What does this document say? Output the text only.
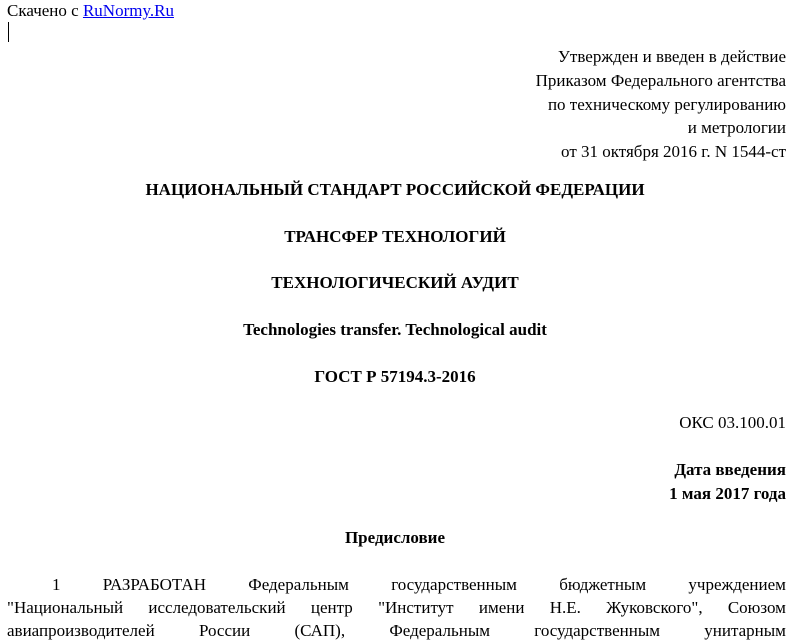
Скачено с RuNormy.Ru
Утвержден и введен в действие
Приказом Федерального агентства
по техническому регулированию
и метрологии
от 31 октября 2016 г. N 1544-ст
НАЦИОНАЛЬНЫЙ СТАНДАРТ РОССИЙСКОЙ ФЕДЕРАЦИИ
ТРАНСФЕР ТЕХНОЛОГИЙ
ТЕХНОЛОГИЧЕСКИЙ АУДИТ
Technologies transfer. Technological audit
ГОСТ Р 57194.3-2016
ОКС 03.100.01
Дата введения
1 мая 2017 года
Предисловие
1 РАЗРАБОТАН Федеральным государственным бюджетным учреждением
"Национальный исследовательский центр "Институт имени Н.Е. Жуковского", Союзом
авиапроизводителей	России	(САП),	Федеральным	государственным	унитарным
